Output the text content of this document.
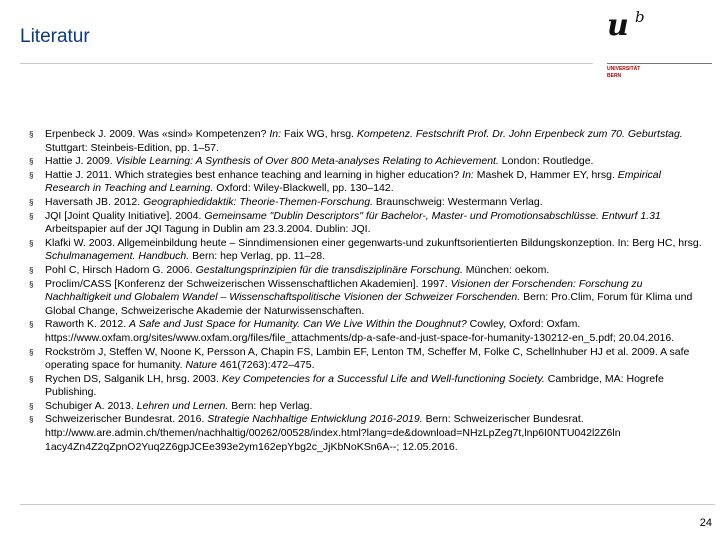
Literatur	u b
UNIVERSITÄT
BERN
§ Erpenbeck J. 2009. Was «sind» Kompetenzen? In: Faix WG, hrsg. Kompetenz. Festschrift Prof. Dr. John Erpenbeck zum 70. Geburtstag. Stuttgart: Steinbeis-Edition, pp. 1–57.
§ Hattie J. 2009. Visible Learning: A Synthesis of Over 800 Meta-analyses Relating to Achievement. London: Routledge.
§ Hattie J. 2011. Which strategies best enhance teaching and learning in higher education? In: Mashek D, Hammer EY, hrsg. Empirical Research in Teaching and Learning. Oxford: Wiley-Blackwell, pp. 130–142.
§ Haversath JB. 2012. Geographiedidaktik: Theorie-Themen-Forschung. Braunschweig: Westermann Verlag.
§ JQI [Joint Quality Initiative]. 2004. Gemeinsame "Dublin Descriptors" für Bachelor-, Master- und Promotionsabschlüsse. Entwurf 1.31 Arbeitspapier auf der JQI Tagung in Dublin am 23.3.2004. Dublin: JQI.
§ Klafki W. 2003. Allgemeinbildung heute – Sinndimensionen einer gegenwarts-und zukunftsorientierten Bildungskonzeption. In: Berg HC, hrsg. Schulmanagement. Handbuch. Bern: hep Verlag, pp. 11–28.
§ Pohl C, Hirsch Hadorn G. 2006. Gestaltungsprinzipien für die transdisziplinäre Forschung. München: oekom.
§ Proclim/CASS [Konferenz der Schweizerischen Wissenschaftlichen Akademien]. 1997. Visionen der Forschenden: Forschung zu Nachhaltigkeit und Globalem Wandel – Wissenschaftspolitische Visionen der Schweizer Forschenden. Bern: Pro.Clim, Forum für Klima und Global Change, Schweizerische Akademie der Naturwissenschaften.
§ Raworth K. 2012. A Safe and Just Space for Humanity. Can We Live Within the Doughnut? Cowley, Oxford: Oxfam. https://www.oxfam.org/sites/www.oxfam.org/files/file_attachments/dp-a-safe-and-just-space-for-humanity-130212-en_5.pdf; 20.04.2016.
§ Rockström J, Steffen W, Noone K, Persson A, Chapin FS, Lambin EF, Lenton TM, Scheffer M, Folke C, Schellnhuber HJ et al. 2009. A safe operating space for humanity. Nature 461(7263):472–475.
§ Rychen DS, Salganik LH, hrsg. 2003. Key Competencies for a Successful Life and Well-functioning Society. Cambridge, MA: Hogrefe Publishing.
§ Schubiger A. 2013. Lehren und Lernen. Bern: hep Verlag.
§ Schweizerischer Bundesrat. 2016. Strategie Nachhaltige Entwicklung 2016-2019. Bern: Schweizerischer Bundesrat. http://www.are.admin.ch/themen/nachhaltig/00262/00528/index.html?lang=de&download=NHzLpZeg7t,lnp6I0NTU042l2Z6ln 1acy4Zn4Z2qZpnO2Yuq2Z6gpJCEe393e2ym162epYbg2c_JjKbNoKSn6A--; 12.05.2016.
24
